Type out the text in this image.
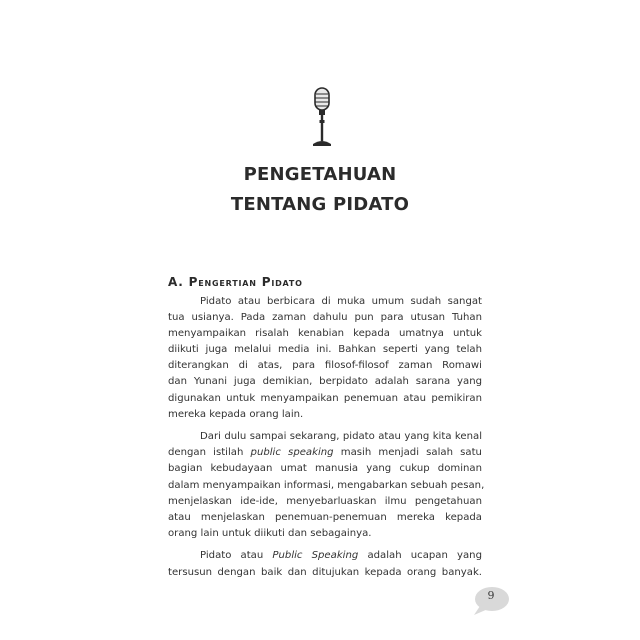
PENGETAHUAN
TENTANG PIDATO
A. Pengertian Pidato

Pidato atau berbicara di muka umum sudah sangat
tua usianya. Pada zaman dahulu pun para utusan Tuhan
menyampaikan risalah kenabian kepada umatnya untuk
diikuti juga melalui media ini. Bahkan seperti yang telah
diterangkan di atas, para filosof-filosof zaman Romawi
dan Yunani juga demikian, berpidato adalah sarana yang
digunakan untuk menyampaikan penemuan atau pemikiran
mereka kepada orang lain.

Dari dulu sampai sekarang, pidato atau yang kita kenal
dengan istilah public speaking masih menjadi salah satu
bagian kebudayaan umat manusia yang cukup dominan
dalam menyampaikan informasi, mengabarkan sebuah pesan,
menjelaskan ide-ide, menyebarluaskan ilmu pengetahuan
atau menjelaskan penemuan-penemuan mereka kepada
orang lain untuk diikuti dan sebagainya.

Pidato atau Public Speaking adalah ucapan yang
tersusun dengan baik dan ditujukan kepada orang banyak.

9
